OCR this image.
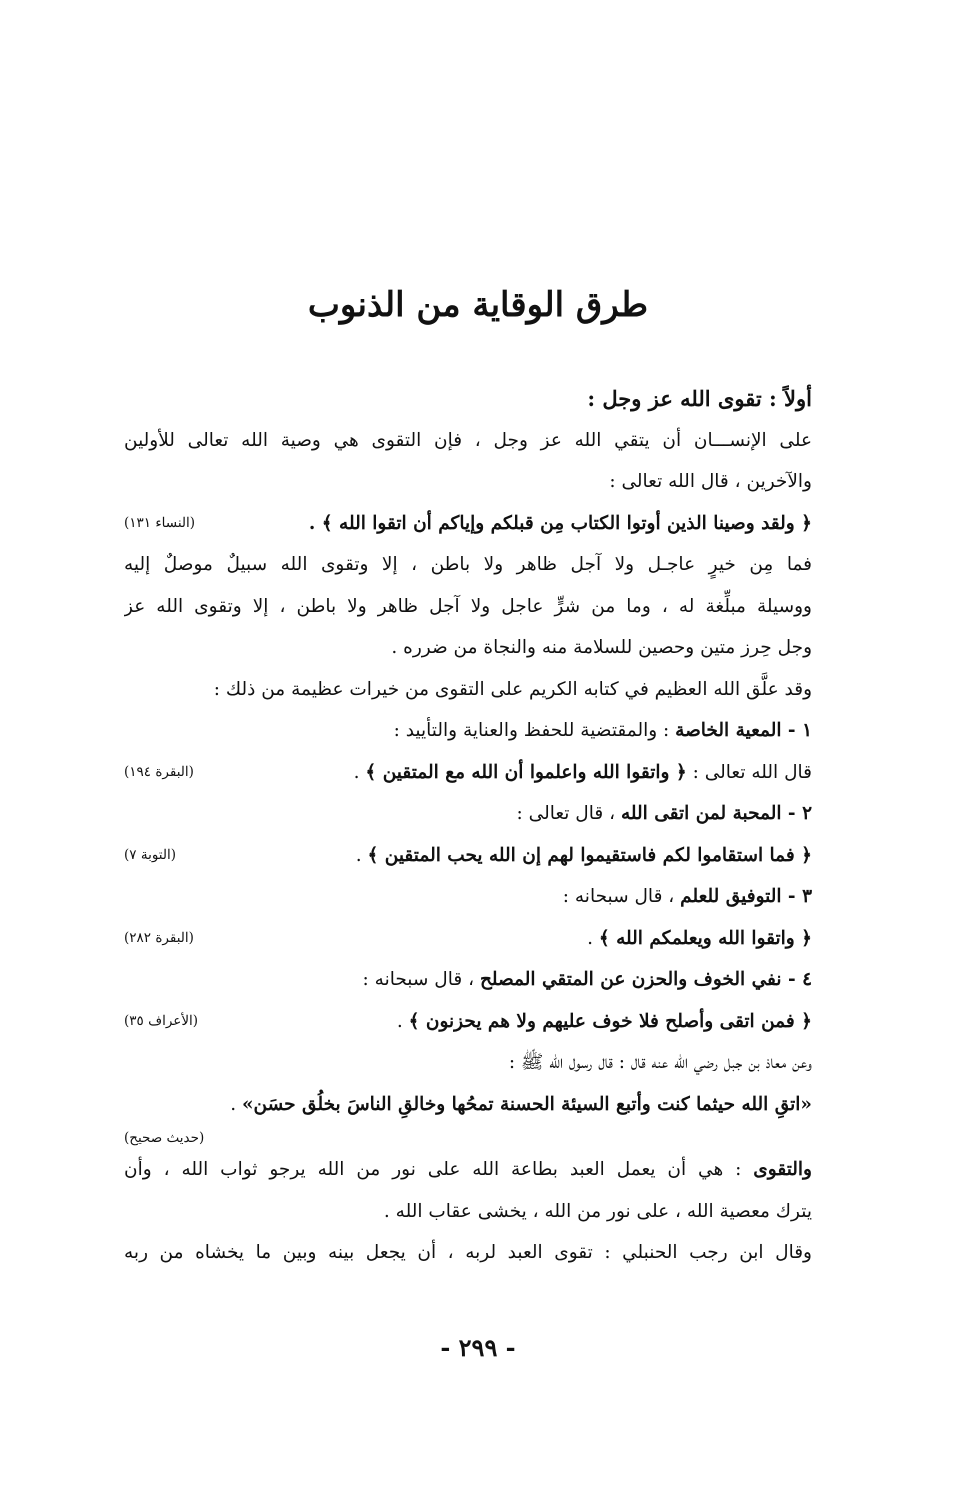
طرق الوقاية من الذنوب
أولاً : تقوى الله عز وجل :
على الإنســـان أن يتقي الله عز وجل ، فإن التقوى هي وصية الله تعالى للأولين
والآخرين ، قال الله تعالى :
﴿ ولقد وصينا الذين أوتوا الكتاب مِن قبلكم وإياكم أن اتقوا الله ﴾ .
(النساء ١٣١)
فما مِن خيرٍ عاجـل ولا آجل ظاهر ولا باطن ، إلا وتقوى الله سبيلٌ موصلٌ إليه
ووسيلة مبلِّغة له ، وما من شرٍّ عاجل ولا آجل ظاهر ولا باطن ، إلا وتقوى الله عز
وجل حِرز متين وحصين للسلامة منه والنجاة من ضرره .
وقد علَّق الله العظيم في كتابه الكريم على التقوى من خيرات عظيمة من ذلك :
١ - المعية الخاصة : والمقتضية للحفظ والعناية والتأييد :
قال الله تعالى : ﴿ واتقوا الله واعلموا أن الله مع المتقين ﴾ .
(البقرة ١٩٤)
٢ - المحبة لمن اتقى الله ، قال تعالى :
﴿ فما استقاموا لكم فاستقيموا لهم إن الله يحب المتقين ﴾ .
(التوبة ٧)
٣ - التوفيق للعلم ، قال سبحانه :
﴿ واتقوا الله ويعلمكم الله ﴾ .
(البقرة ٢٨٢)
٤ - نفي الخوف والحزن عن المتقي المصلح ، قال سبحانه :
﴿ فمن اتقى وأصلح فلا خوف عليهم ولا هم يحزنون ﴾ .
(الأعراف ٣٥)
وعن معاذ بن جبل رضي الله عنه قال : قال رسول الله ﷺ :
«اتقِ الله حيثما كنت وأتبع السيئة الحسنة تمحُها وخالقِ الناسَ بخلُق حسَن» .
(حديث صحيح)
والتقوى : هي أن يعمل العبد بطاعة الله على نور من الله يرجو ثواب الله ، وأن
يترك معصية الله ، على نور من الله ، يخشى عقاب الله .
وقال ابن رجب الحنبلي : تقوى العبد لربه ، أن يجعل بينه وبين ما يخشاه من ربه
- ٢٩٩ -
